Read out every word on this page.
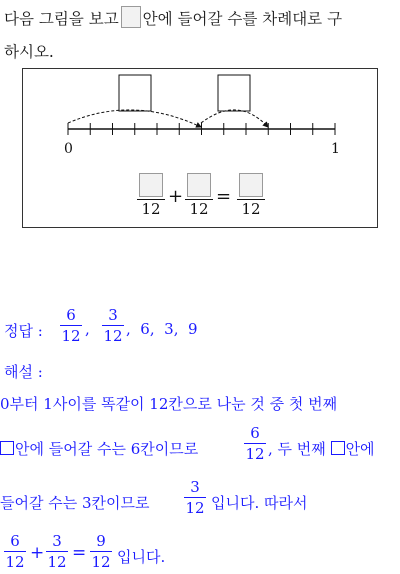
다음 그림을 보고 안에 들어갈 수를 차례대로 구
하시오.
0	1
12
+
12
=
12
정답 :
6
12 ,
3
12 ,  6,  3,  9
해설 :
0부터 1사이를 똑같이 12칸으로 나눈 것 중 첫 번째
안에 들어갈 수는 6칸이므로
6
12 , 두 번째 안에
들어갈 수는 3칸이므로
3
12 입니다. 따라서
6
12 +
3
12 =
9
12 입니다.
